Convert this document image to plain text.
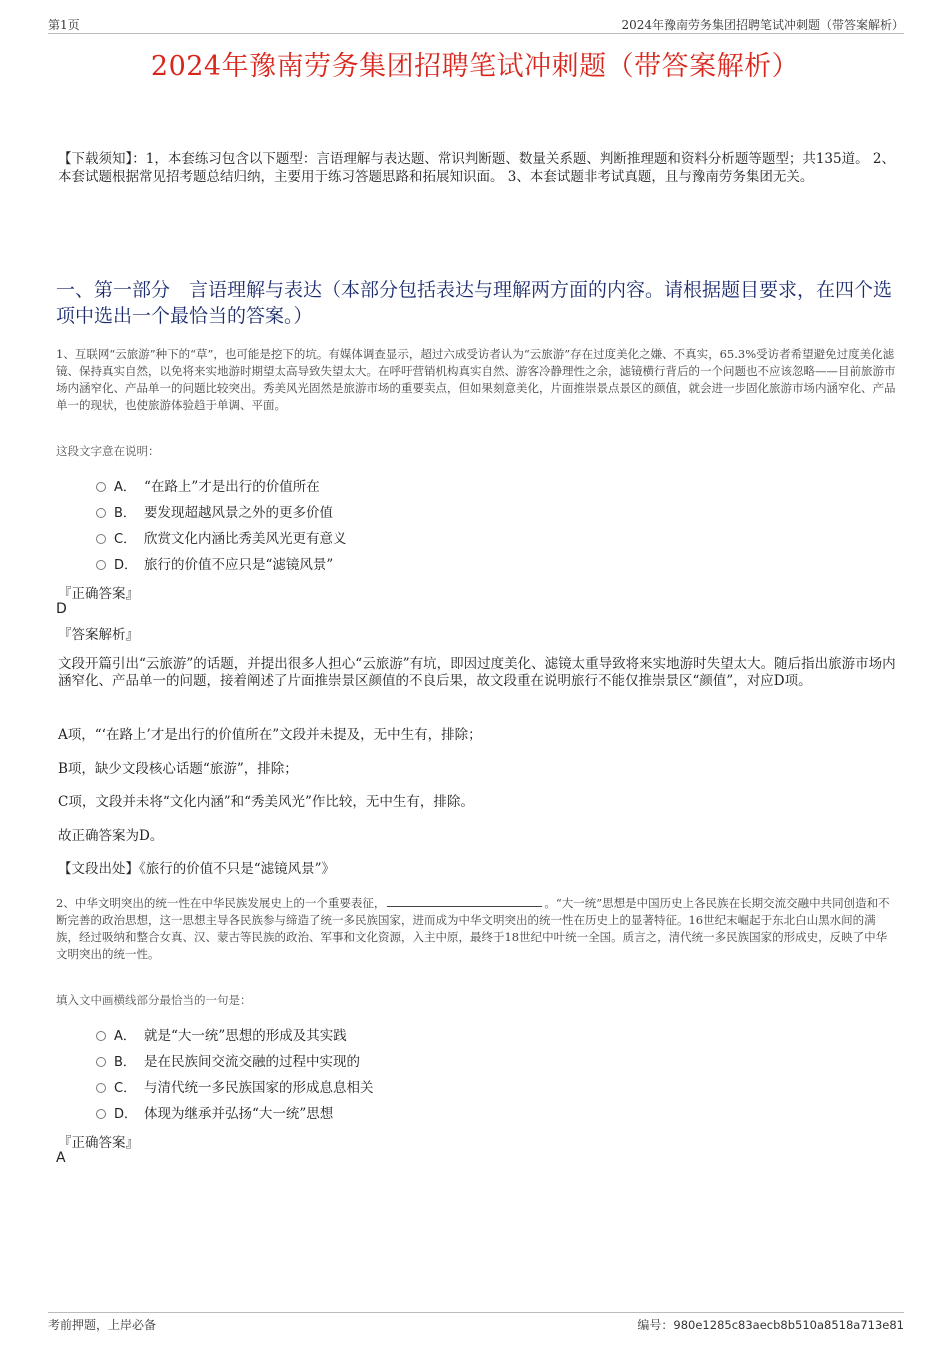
第1页	2024年豫南劳务集团招聘笔试冲刺题（带答案解析）
2024年豫南劳务集团招聘笔试冲刺题（带答案解析）
【下载须知】：1，本套练习包含以下题型：言语理解与表达题、常识判断题、数量关系题、判断推理题和资料分析题等题型；共135道。 2、本套试题根据常见招考题总结归纳，主要用于练习答题思路和拓展知识面。 3、本套试题非考试真题，且与豫南劳务集团无关。
一、第一部分　言语理解与表达（本部分包括表达与理解两方面的内容。请根据题目要求，在四个选项中选出一个最恰当的答案。）
1、互联网“云旅游”种下的“草”，也可能是挖下的坑。有媒体调查显示，超过六成受访者认为“云旅游”存在过度美化之嫌、不真实，65.3%受访者希望避免过度美化滤镜、保持真实自然，以免将来实地游时期望太高导致失望太大。在呼吁营销机构真实自然、游客冷静理性之余，滤镜横行背后的一个问题也不应该忽略——目前旅游市场内涵窄化、产品单一的问题比较突出。秀美风光固然是旅游市场的重要卖点，但如果刻意美化，片面推崇景点景区的颜值，就会进一步固化旅游市场内涵窄化、产品单一的现状，也使旅游体验趋于单调、平面。
这段文字意在说明：
A． “在路上”才是出行的价值所在
B． 要发现超越风景之外的更多价值
C． 欣赏文化内涵比秀美风光更有意义
D． 旅行的价值不应只是“滤镜风景”
『正确答案』
D
『答案解析』
文段开篇引出“云旅游”的话题，并提出很多人担心“云旅游”有坑，即因过度美化、滤镜太重导致将来实地游时失望太大。随后指出旅游市场内涵窄化、产品单一的问题，接着阐述了片面推崇景区颜值的不良后果，故文段重在说明旅行不能仅推崇景区“颜值”，对应D项。
A项，“‘在路上’才是出行的价值所在”文段并未提及，无中生有，排除；
B项，缺少文段核心话题“旅游”，排除；
C项，文段并未将“文化内涵”和“秀美风光”作比较，无中生有，排除。
故正确答案为D。
【文段出处】《旅行的价值不只是“滤镜风景”》
2、中华文明突出的统一性在中华民族发展史上的一个重要表征，	。“大一统”思想是中国历史上各民族在长期交流交融中共同创造和不断完善的政治思想，这一思想主导各民族参与缔造了统一多民族国家，进而成为中华文明突出的统一性在历史上的显著特征。16世纪末崛起于东北白山黑水间的满族，经过吸纳和整合女真、汉、蒙古等民族的政治、军事和文化资源，入主中原，最终于18世纪中叶统一全国。质言之，清代统一多民族国家的形成史，反映了中华文明突出的统一性。
填入文中画横线部分最恰当的一句是：
A． 就是“大一统”思想的形成及其实践
B． 是在民族间交流交融的过程中实现的
C． 与清代统一多民族国家的形成息息相关
D． 体现为继承并弘扬“大一统”思想
『正确答案』
A
考前押题，上岸必备	编号：980e1285c83aecb8b510a8518a713e81
